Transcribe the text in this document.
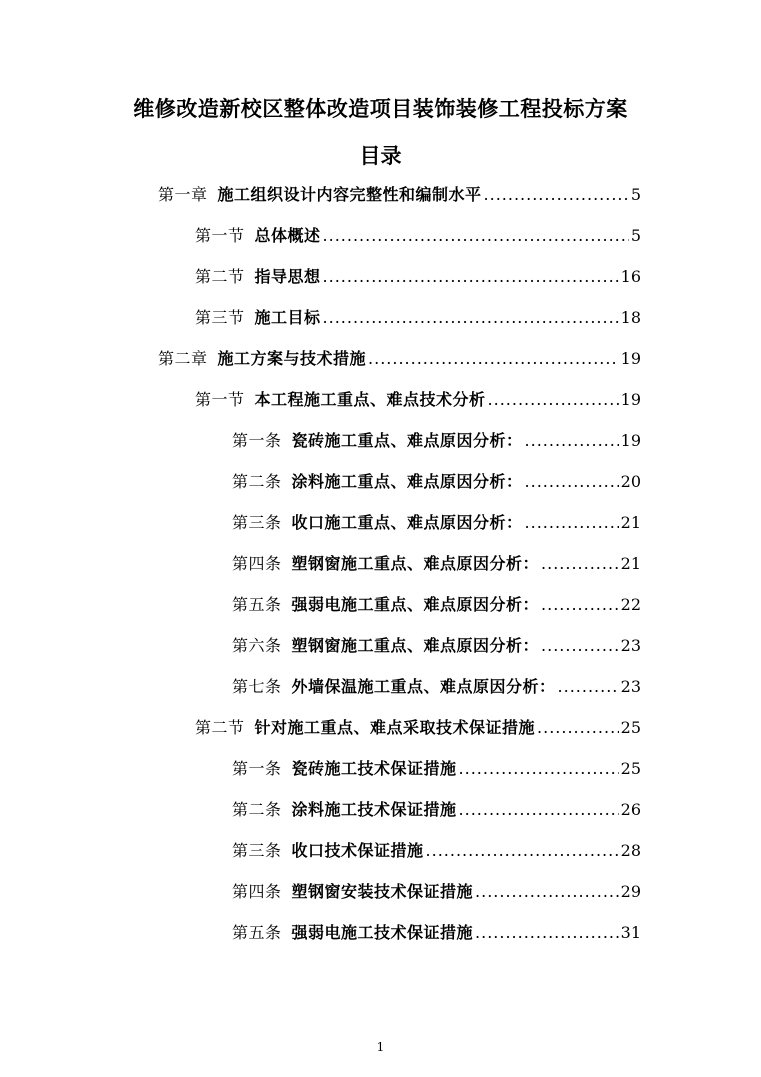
维修改造新校区整体改造项目装饰装修工程投标方案
目录
第一章 施工组织设计内容完整性和编制水平 .....	5
第一节 总体概述 .....	5
第二节 指导思想 .....	16
第三节 施工目标 .....	18
第二章 施工方案与技术措施 .....	19
第一节 本工程施工重点、难点技术分析 .....	19
第一条 瓷砖施工重点、难点原因分析： .....	19
第二条 涂料施工重点、难点原因分析： .....	20
第三条 收口施工重点、难点原因分析： .....	21
第四条 塑钢窗施工重点、难点原因分析： .....	21
第五条 强弱电施工重点、难点原因分析： .....	22
第六条 塑钢窗施工重点、难点原因分析： .....	23
第七条 外墙保温施工重点、难点原因分析： .....	23
第二节 针对施工重点、难点采取技术保证措施 .....	25
第一条 瓷砖施工技术保证措施 .....	25
第二条 涂料施工技术保证措施 .....	26
第三条 收口技术保证措施 .....	28
第四条 塑钢窗安装技术保证措施 .....	29
第五条 强弱电施工技术保证措施 .....	31
1
